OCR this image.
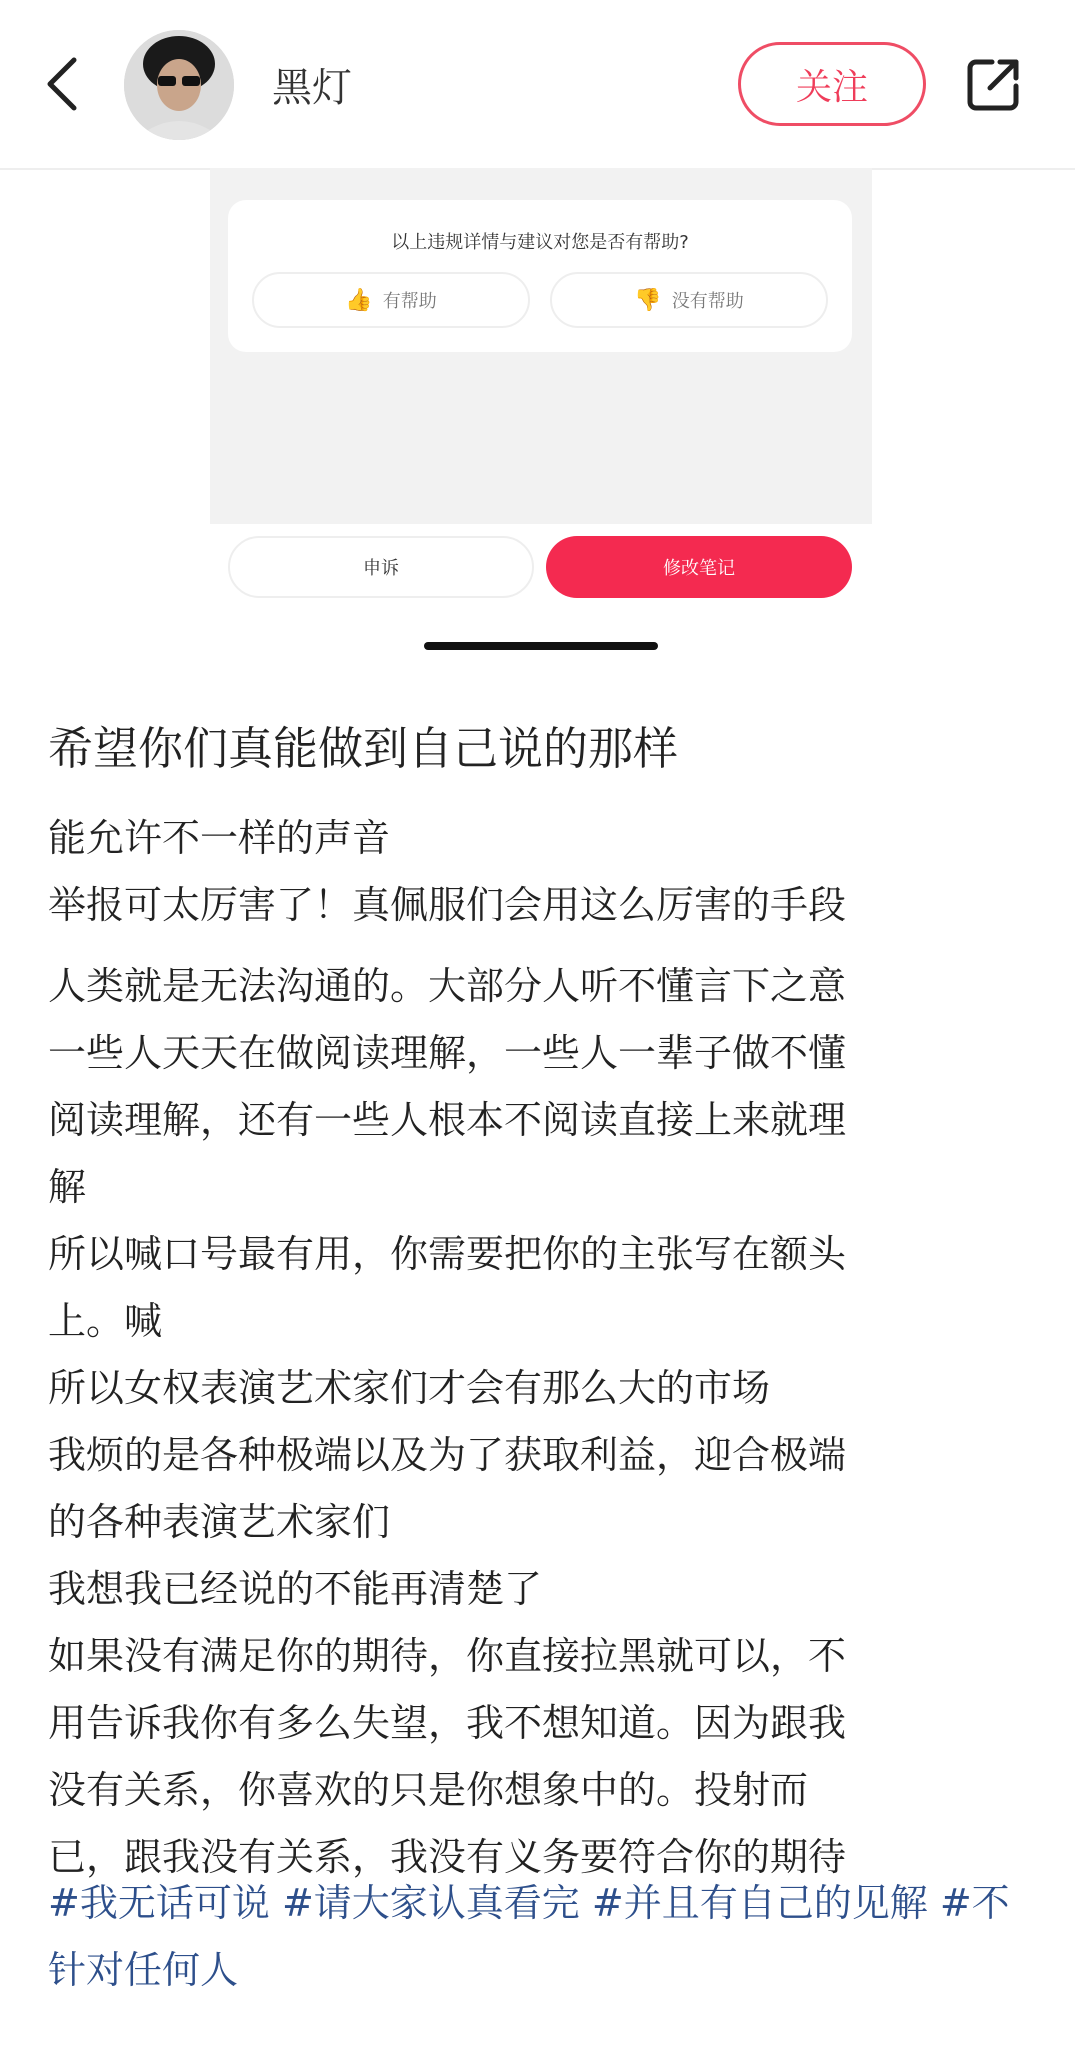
黑灯	关注
以上违规详情与建议对您是否有帮助?
👍 有帮助	👎 没有帮助
申诉	修改笔记
希望你们真能做到自己说的那样
能允许不一样的声音
举报可太厉害了！真佩服们会用这么厉害的手段
人类就是无法沟通的。大部分人听不懂言下之意
一些人天天在做阅读理解，一些人一辈子做不懂
阅读理解，还有一些人根本不阅读直接上来就理
解
所以喊口号最有用，你需要把你的主张写在额头
上。喊
所以女权表演艺术家们才会有那么大的市场
我烦的是各种极端以及为了获取利益，迎合极端
的各种表演艺术家们
我想我已经说的不能再清楚了
如果没有满足你的期待，你直接拉黑就可以，不
用告诉我你有多么失望，我不想知道。因为跟我
没有关系，你喜欢的只是你想象中的。投射而
已，跟我没有关系，我没有义务要符合你的期待
#我无话可说 #请大家认真看完 #并且有自己的见解 #不针对任何人
